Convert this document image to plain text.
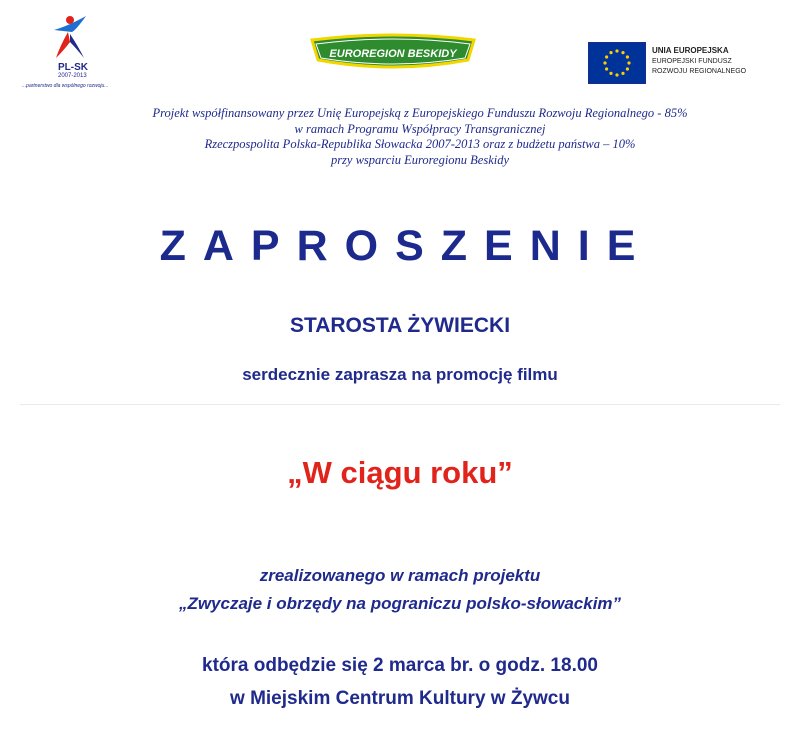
PL-SK
2007-2013
...partnerstwo dla wspólnego rozwoju...
EUROREGION BESKIDY	UNIA EUROPEJSKA
EUROPEJSKI FUNDUSZ
ROZWOJU REGIONALNEGO
Projekt współfinansowany przez Unię Europejską z Europejskiego Funduszu Rozwoju Regionalnego - 85%
w ramach Programu Współpracy Transgranicznej
Rzeczpospolita Polska-Republika Słowacka 2007-2013 oraz z budżetu państwa – 10%
przy wsparciu Euroregionu Beskidy
ZAPROSZENIE
STAROSTA ŻYWIECKI
serdecznie zaprasza na promocję filmu
„W ciągu roku”
zrealizowanego w ramach projektu
„Zwyczaje i obrzędy na pograniczu polsko-słowackim”
która odbędzie się 2 marca br. o godz. 18.00
w Miejskim Centrum Kultury w Żywcu
